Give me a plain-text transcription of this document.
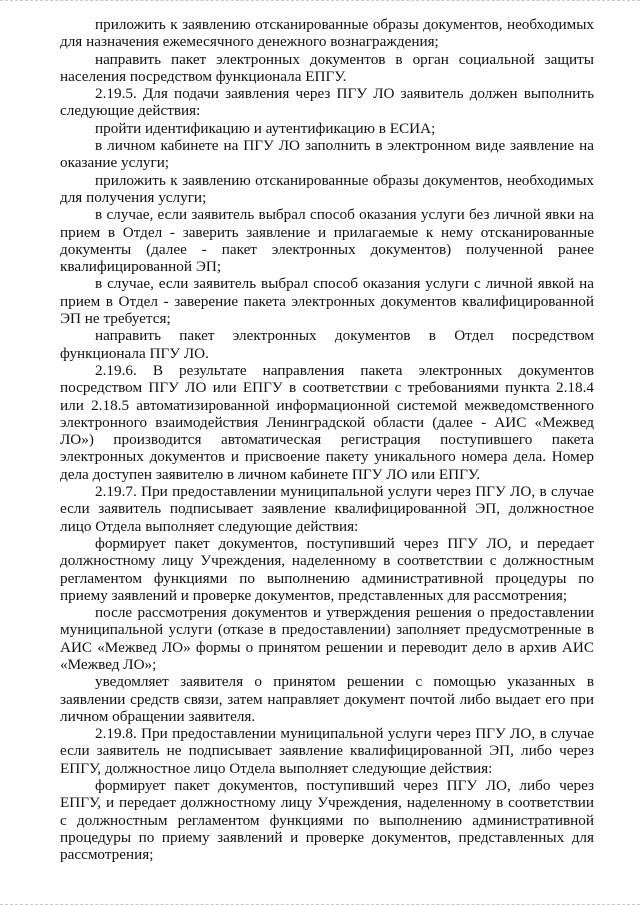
приложить к заявлению отсканированные образы документов, необходимых для назначения ежемесячного денежного вознаграждения;

направить пакет электронных документов в орган социальной защиты населения посредством функционала ЕПГУ.

2.19.5. Для подачи заявления через ПГУ ЛО заявитель должен выполнить следующие действия:

пройти идентификацию и аутентификацию в ЕСИА;

в личном кабинете на ПГУ ЛО заполнить в электронном виде заявление на оказание услуги;

приложить к заявлению отсканированные образы документов, необходимых для получения услуги;

в случае, если заявитель выбрал способ оказания услуги без личной явки на прием в Отдел - заверить заявление и прилагаемые к нему отсканированные документы (далее - пакет электронных документов) полученной ранее квалифицированной ЭП;

в случае, если заявитель выбрал способ оказания услуги с личной явкой на прием в Отдел - заверение пакета электронных документов квалифицированной ЭП не требуется;

направить пакет электронных документов в Отдел посредством функционала ПГУ ЛО.

2.19.6. В результате направления пакета электронных документов посредством ПГУ ЛО или ЕПГУ в соответствии с требованиями пункта 2.18.4 или 2.18.5 автоматизированной информационной системой межведомственного электронного взаимодействия Ленинградской области (далее - АИС «Межвед ЛО») производится автоматическая регистрация поступившего пакета электронных документов и присвоение пакету уникального номера дела. Номер дела доступен заявителю в личном кабинете ПГУ ЛО или ЕПГУ.

2.19.7. При предоставлении муниципальной услуги через ПГУ ЛО, в случае если заявитель подписывает заявление квалифицированной ЭП, должностное лицо Отдела выполняет следующие действия:

формирует пакет документов, поступивший через ПГУ ЛО, и передает должностному лицу Учреждения, наделенному в соответствии с должностным регламентом функциями по выполнению административной процедуры по приему заявлений и проверке документов, представленных для рассмотрения;

после рассмотрения документов и утверждения решения о предоставлении муниципальной услуги (отказе в предоставлении) заполняет предусмотренные в АИС «Межвед ЛО» формы о принятом решении и переводит дело в архив АИС «Межвед ЛО»;

уведомляет заявителя о принятом решении с помощью указанных в заявлении средств связи, затем направляет документ почтой либо выдает его при личном обращении заявителя.

2.19.8. При предоставлении муниципальной услуги через ПГУ ЛО, в случае если заявитель не подписывает заявление квалифицированной ЭП, либо через ЕПГУ, должностное лицо Отдела выполняет следующие действия:

формирует пакет документов, поступивший через ПГУ ЛО, либо через ЕПГУ, и передает должностному лицу Учреждения, наделенному в соответствии с должностным регламентом функциями по выполнению административной процедуры по приему заявлений и проверке документов, представленных для рассмотрения;
